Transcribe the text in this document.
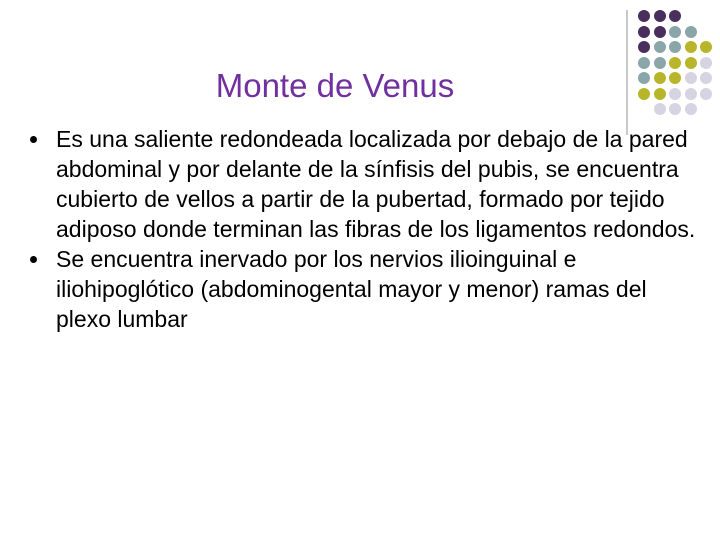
Monte de Venus
Es una saliente redondeada localizada por debajo de la pared abdominal y por delante de la sínfisis del pubis, se encuentra cubierto de vellos a partir de la pubertad, formado por tejido adiposo donde terminan las fibras de los ligamentos redondos.
Se encuentra inervado por los nervios ilioinguinal e iliohipoglótico (abdominogental mayor y menor) ramas del plexo lumbar
